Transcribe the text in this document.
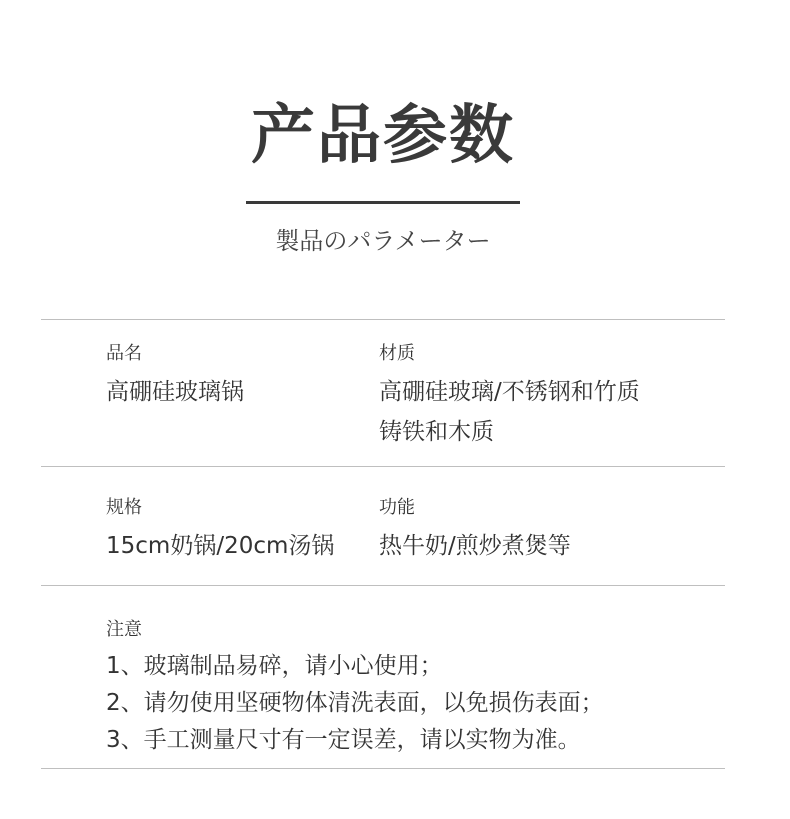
产品参数
製品のパラメーター
品名
高硼硅玻璃锅
材质
高硼硅玻璃/不锈钢和竹质
铸铁和木质
规格
15cm奶锅/20cm汤锅
功能
热牛奶/煎炒煮煲等
注意
1、玻璃制品易碎，请小心使用；
2、请勿使用坚硬物体清洗表面，以免损伤表面；
3、手工测量尺寸有一定误差，请以实物为准。
